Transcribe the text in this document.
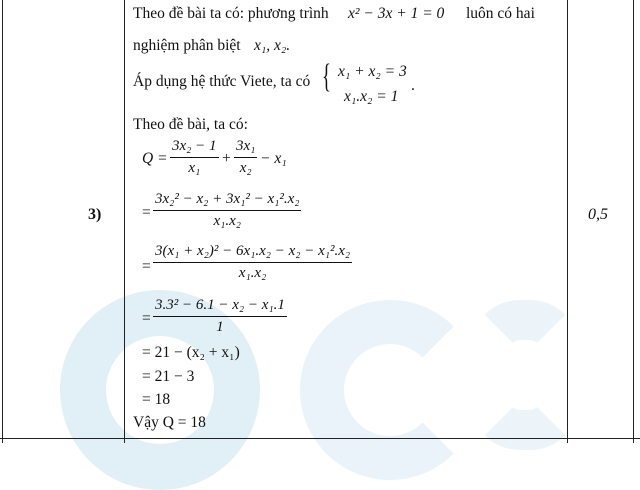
3)	0,5
Theo đề bài ta có: phương trình x² − 3x + 1 = 0 luôn có hai
nghiệm phân biệt x₁, x₂.
Áp dụng hệ thức Viete, ta có { x₁ + x₂ = 3
x₁.x₂ = 1
.
Theo đề bài, ta có:
$Q = \frac{\text{3x₂ − 1}}{\text{x₁}} + \frac{\text{3x₁}}{\text{x₂}} - x_1$
= $\frac{\text{3x₂² − x₂ + 3x₁² − x₁².x₂}}{\text{x₁.x₂}}$
= $\frac{\text{3(x₁ + x₂)² − 6x₁.x₂ − x₂ − x₁².x₂}}{\text{x₁.x₂}}$
= $\frac{\text{3.3² − 6.1 − x₂ − x₁.1}}{1}$
= 21 − (x₂ + x₁)
= 21 − 3
= 18
Vậy Q = 18
